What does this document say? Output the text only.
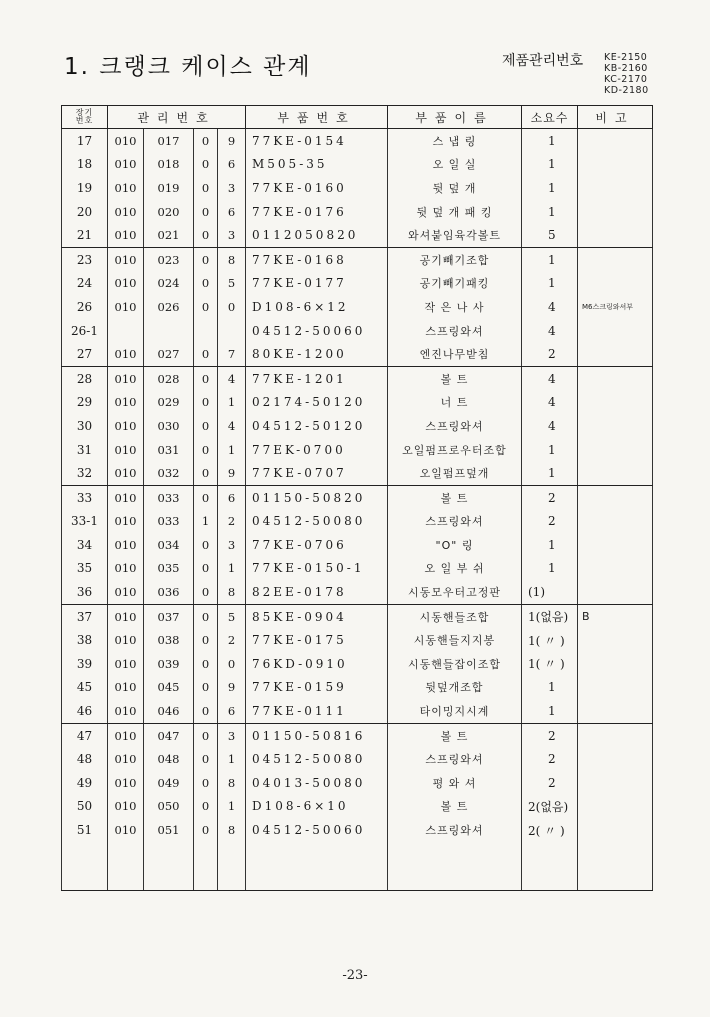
1. 크랭크 케이스 관계	제품관리번호 KE-2150
KB-2160
KC-2170
KD-2180
장기
번호	관리번호				부품번호	부품이름	소요수	비고
17	010	017	0	9	77KE-0154	스 냅 링	1	
18	010	018	0	6	M505-35	오 일 실	1	
19	010	019	0	3	77KE-0160	뒷 덮 개	1	
20	010	020	0	6	77KE-0176	뒷 덮 개 패 킹	1	
21	010	021	0	3	0112050820	와셔붙임육각볼트	5	
23	010	023	0	8	77KE-0168	공기빼기조합	1	
24	010	024	0	5	77KE-0177	공기빼기패킹	1	
26	010	026	0	0	D108-6×12	작 은 나 사	4	M6스크링와셔부
26-1					04512-50060	스프링와셔	4	
27	010	027	0	7	80KE-1200	엔진나무받침	2	
28	010	028	0	4	77KE-1201	볼 트	4	
29	010	029	0	1	02174-50120	너 트	4	
30	010	030	0	4	04512-50120	스프링와셔	4	
31	010	031	0	1	77EK-0700	오일펌프로우터조합	1	
32	010	032	0	9	77KE-0707	오일펌프덮개	1	
33	010	033	0	6	01150-50820	볼 트	2	
33-1	010	033	1	2	04512-50080	스프링와셔	2	
34	010	034	0	3	77KE-0706	"O" 링	1	
35	010	035	0	1	77KE-0150-1	오 일 부 쉬	1	
36	010	036	0	8	82EE-0178	시동모우터고정판	(1)	
37	010	037	0	5	85KE-0904	시동핸들조합	1(없음)	B
38	010	038	0	2	77KE-0175	시동핸들지지봉	1( 〃 )	
39	010	039	0	0	76KD-0910	시동핸들잡이조합	1( 〃 )	
45	010	045	0	9	77KE-0159	뒷덮개조합	1	
46	010	046	0	6	77KE-0111	타이밍지시계	1	
47	010	047	0	3	01150-50816	볼 트	2	
48	010	048	0	1	04512-50080	스프링와셔	2	
49	010	049	0	8	04013-50080	평 와 셔	2	
50	010	050	0	1	D108-6×10	볼 트	2(없음)	
51	010	051	0	8	04512-50060	스프링와셔	2( 〃 )	

-23-
